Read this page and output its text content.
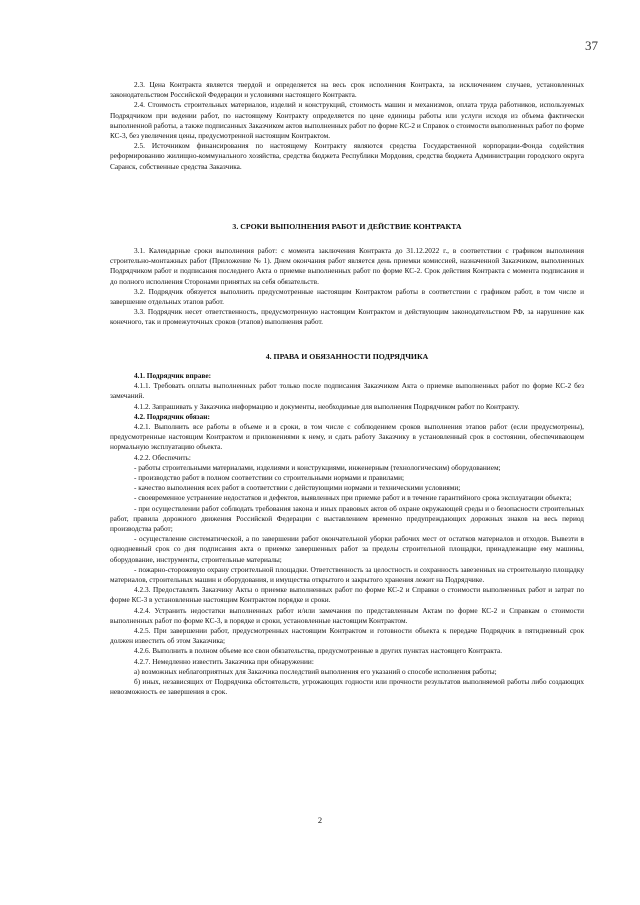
37

2.3. Цена Контракта является твердой и определяется на весь срок исполнения Контракта, за исключением случаев, установленных законодательством Российской Федерации и условиями настоящего Контракта.

2.4. Стоимость строительных материалов, изделий и конструкций, стоимость машин и механизмов, оплата труда работников, используемых Подрядчиком при ведении работ, по настоящему Контракту определяется по цене единицы работы или услуги исходя из объема фактически выполненной работы, а также подписанных Заказчиком актов выполненных работ по форме КС-2 и Справок о стоимости выполненных работ по форме КС-3, без увеличения цены, предусмотренной настоящим Контрактом.

2.5. Источником финансирования по настоящему Контракту являются средства Государственной корпорации-Фонда содействия реформированию жилищно-коммунального хозяйства, средства бюджета Республики Мордовия, средства бюджета Администрации городского округа Саранск, собственные средства Заказчика.

3. СРОКИ ВЫПОЛНЕНИЯ РАБОТ И ДЕЙСТВИЕ КОНТРАКТА

3.1. Календарные сроки выполнения работ: с момента заключения Контракта до 31.12.2022 г., в соответствии с графиком выполнения строительно-монтажных работ (Приложение № 1). Днем окончания работ является день приемки комиссией, назначенной Заказчиком, выполненных Подрядчиком работ и подписания последнего Акта о приемке выполненных работ по форме КС-2. Срок действия Контракта с момента подписания и до полного исполнения Сторонами принятых на себя обязательств.

3.2. Подрядчик обязуется выполнить предусмотренные настоящим Контрактом работы в соответствии с графиком работ, в том числе и завершение отдельных этапов работ.

3.3. Подрядчик несет ответственность, предусмотренную настоящим Контрактом и действующим законодательством РФ, за нарушение как конечного, так и промежуточных сроков (этапов) выполнения работ.

4. ПРАВА И ОБЯЗАННОСТИ ПОДРЯДЧИКА

4.1. Подрядчик вправе:

4.1.1. Требовать оплаты выполненных работ только после подписания Заказчиком Акта о приемке выполненных работ по форме КС-2 без замечаний.

4.1.2. Запрашивать у Заказчика информацию и документы, необходимые для выполнения Подрядчиком работ по Контракту.

4.2. Подрядчик обязан:

4.2.1. Выполнить все работы в объеме и в сроки, в том числе с соблюдением сроков выполнения этапов работ (если предусмотрены), предусмотренные настоящим Контрактом и приложениями к нему, и сдать работу Заказчику в установленный срок в состоянии, обеспечивающем нормальную эксплуатацию объекта.

4.2.2. Обеспечить:

- работы строительными материалами, изделиями и конструкциями, инженерным (технологическим) оборудованием;

- производство работ в полном соответствии со строительными нормами и правилами;

- качество выполнения всех работ в соответствии с действующими нормами и техническими условиями;

- своевременное устранение недостатков и дефектов, выявленных при приемке работ и в течение гарантийного срока эксплуатации объекта;

- при осуществлении работ соблюдать требования закона и иных правовых актов об охране окружающей среды и о безопасности строительных работ, правила дорожного движения Российской Федерации с выставлением временно предупреждающих дорожных знаков на весь период производства работ;

- осуществление систематической, а по завершении работ окончательной уборки рабочих мест от остатков материалов и отходов. Вывезти в однодневный срок со дня подписания акта о приемке завершенных работ за пределы строительной площадки, принадлежащие ему машины, оборудование, инструменты, строительные материалы;

- пожарно-сторожевую охрану строительной площадки. Ответственность за целостность и сохранность завезенных на строительную площадку материалов, строительных машин и оборудования, и имущества открытого и закрытого хранения лежит на Подрядчике.

4.2.3. Предоставлять Заказчику Акты о приемке выполненных работ по форме КС-2 и Справки о стоимости выполненных работ и затрат по форме КС-3 в установленные настоящим Контрактом порядке и сроки.

4.2.4. Устранить недостатки выполненных работ и/или замечания по представленным Актам по форме КС-2 и Справкам о стоимости выполненных работ по форме КС-3, в порядке и сроки, установленные настоящим Контрактом.

4.2.5. При завершении работ, предусмотренных настоящим Контрактом и готовности объекта к передаче Подрядчик в пятидневный срок должен известить об этом Заказчика;

4.2.6. Выполнить в полном объеме все свои обязательства, предусмотренные в других пунктах настоящего Контракта.

4.2.7. Немедленно известить Заказчика при обнаружении:

а) возможных неблагоприятных для Заказчика последствий выполнения его указаний о способе исполнения работы;

б) иных, независящих от Подрядчика обстоятельств, угрожающих годности или прочности результатов выполняемой работы либо создающих невозможность ее завершения в срок.

2
